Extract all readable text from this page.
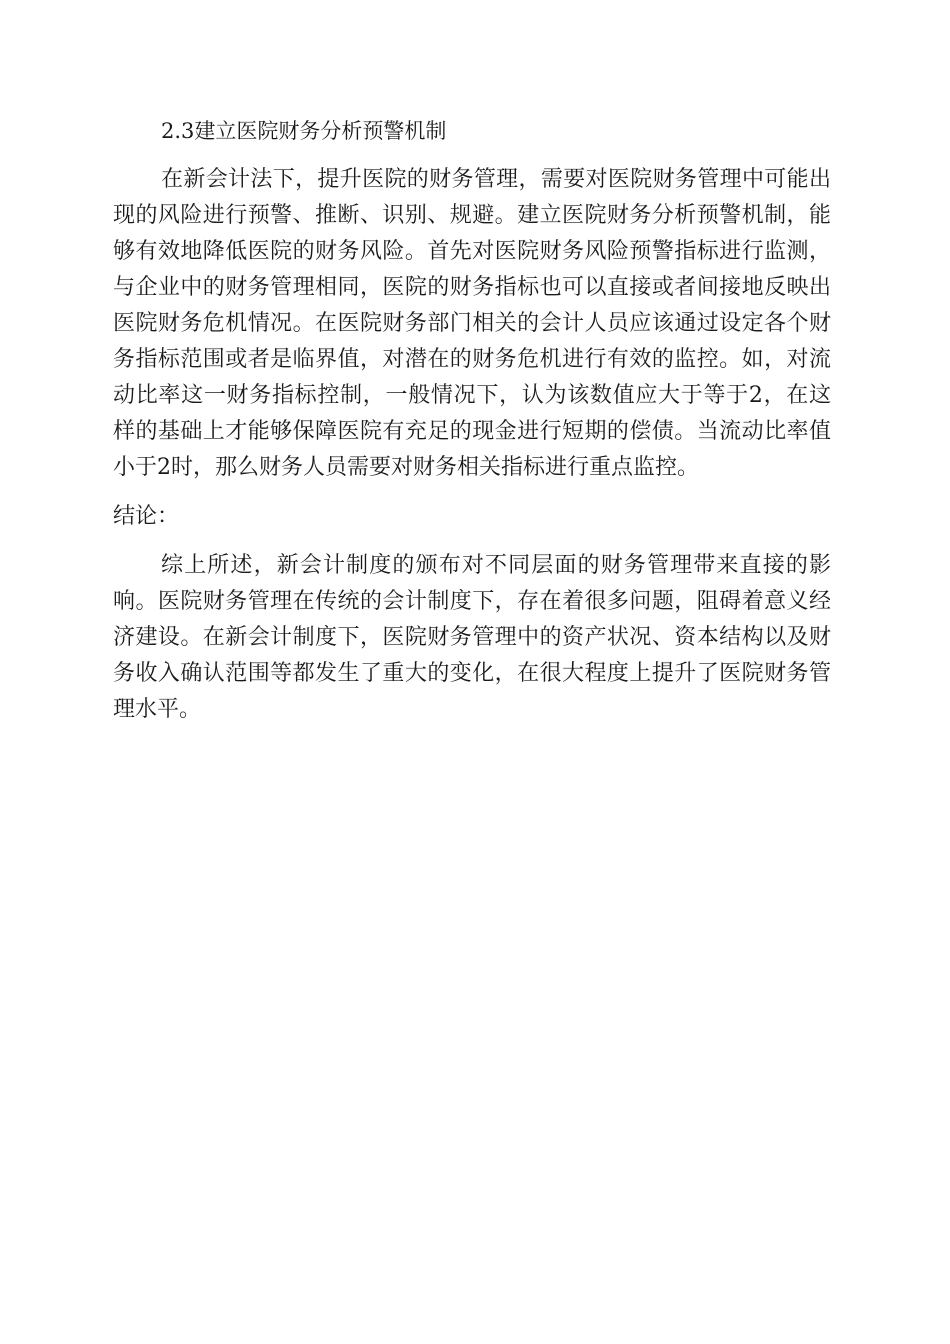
2.3建立医院财务分析预警机制
在新会计法下，提升医院的财务管理，需要对医院财务管理中可能出
现的风险进行预警、推断、识别、规避。建立医院财务分析预警机制，能
够有效地降低医院的财务风险。首先对医院财务风险预警指标进行监测，
与企业中的财务管理相同，医院的财务指标也可以直接或者间接地反映出
医院财务危机情况。在医院财务部门相关的会计人员应该通过设定各个财
务指标范围或者是临界值，对潜在的财务危机进行有效的监控。如，对流
动比率这一财务指标控制，一般情况下，认为该数值应大于等于2，在这
样的基础上才能够保障医院有充足的现金进行短期的偿债。当流动比率值
小于2时，那么财务人员需要对财务相关指标进行重点监控。
结论：
综上所述，新会计制度的颁布对不同层面的财务管理带来直接的影
响。医院财务管理在传统的会计制度下，存在着很多问题，阻碍着意义经
济建设。在新会计制度下，医院财务管理中的资产状况、资本结构以及财
务收入确认范围等都发生了重大的变化，在很大程度上提升了医院财务管
理水平。
